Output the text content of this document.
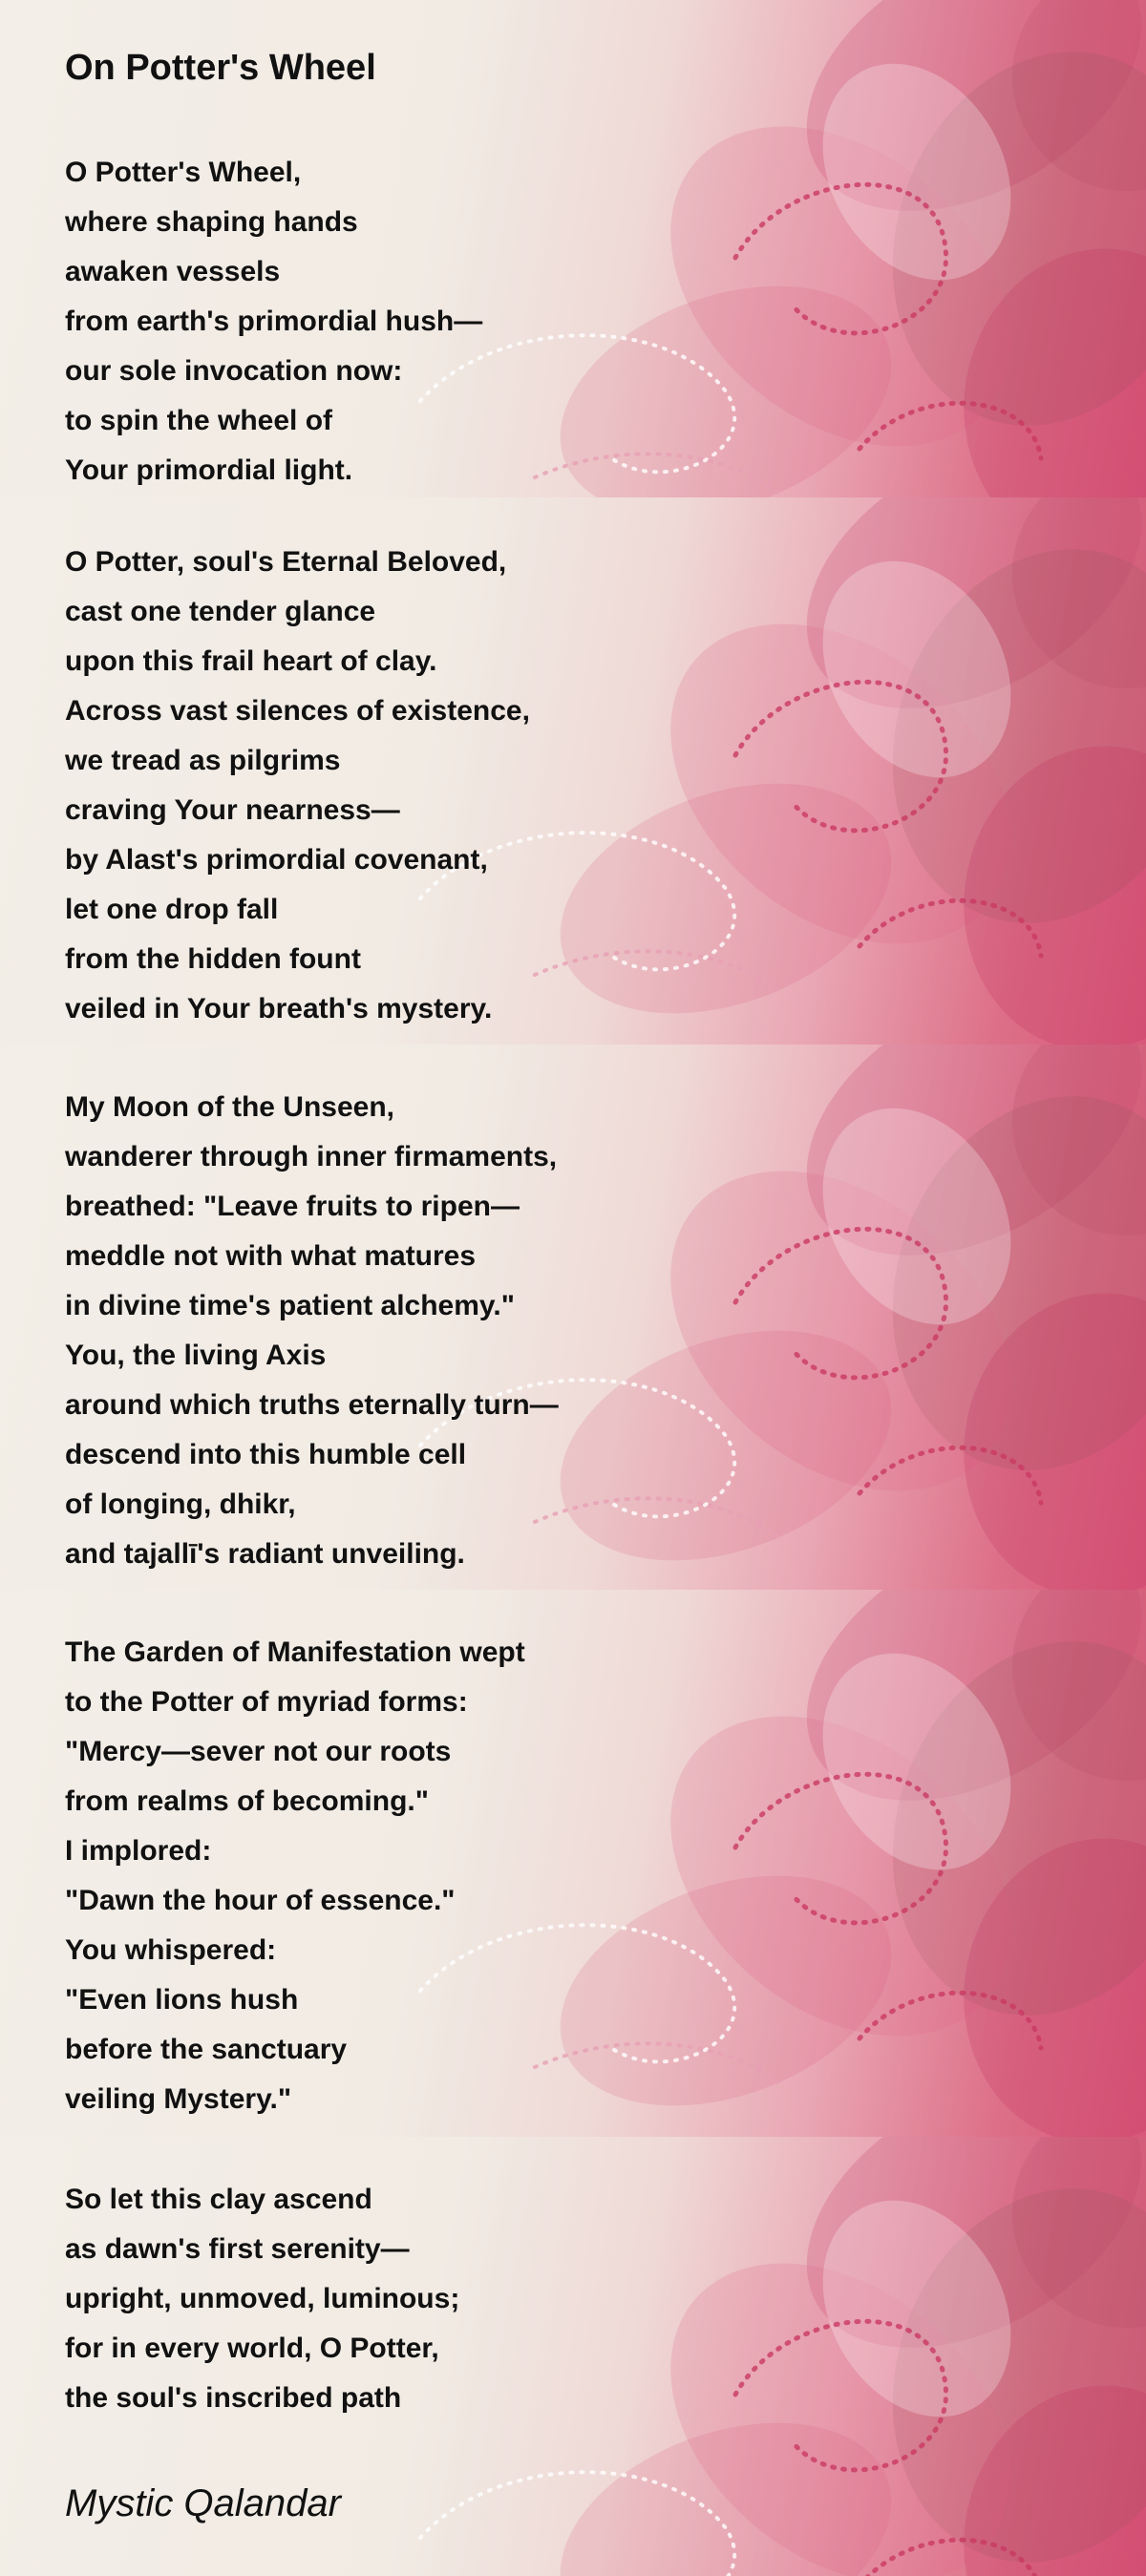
On Potter's Wheel
O Potter's Wheel,
where shaping hands
awaken vessels
from earth's primordial hush—
our sole invocation now:
to spin the wheel of
Your primordial light.
O Potter, soul's Eternal Beloved,
cast one tender glance
upon this frail heart of clay.
Across vast silences of existence,
we tread as pilgrims
craving Your nearness—
by Alast's primordial covenant,
let one drop fall
from the hidden fount
veiled in Your breath's mystery.
My Moon of the Unseen,
wanderer through inner firmaments,
breathed: "Leave fruits to ripen—
meddle not with what matures
in divine time's patient alchemy."
You, the living Axis
around which truths eternally turn—
descend into this humble cell
of longing, dhikr,
and tajallī's radiant unveiling.
The Garden of Manifestation wept
to the Potter of myriad forms:
"Mercy—sever not our roots
from realms of becoming."
I implored:
"Dawn the hour of essence."
You whispered:
"Even lions hush
before the sanctuary
veiling Mystery."
So let this clay ascend
as dawn's first serenity—
upright, unmoved, luminous;
for in every world, O Potter,
the soul's inscribed path
Mystic Qalandar
